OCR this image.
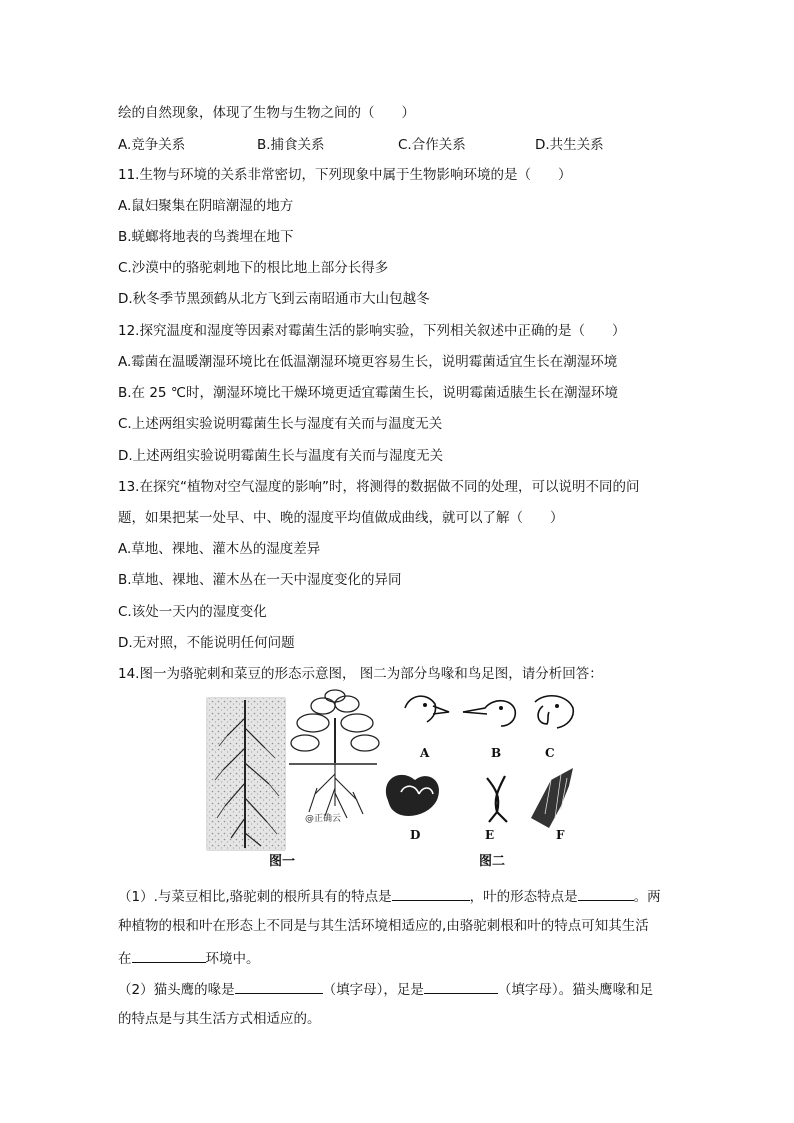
绘的自然现象，体现了生物与生物之间的（　　）
A.竞争关系	B.捕食关系	C.合作关系	D.共生关系
11.生物与环境的关系非常密切，下列现象中属于生物影响环境的是（　　）
A.鼠妇聚集在阴暗潮湿的地方
B.蜣螂将地表的鸟粪埋在地下
C.沙漠中的骆驼刺地下的根比地上部分长得多
D.秋冬季节黑颈鹤从北方飞到云南昭通市大山包越冬
12.探究温度和湿度等因素对霉菌生活的影响实验，下列相关叙述中正确的是（　　）
A.霉菌在温暖潮湿环境比在低温潮湿环境更容易生长，说明霉菌适宜生长在潮湿环境
B.在 25 ℃时，潮湿环境比干燥环境更适宜霉菌生长，说明霉菌适脿生长在潮湿环境
C.上述两组实验说明霉菌生长与湿度有关而与温度无关
D.上述两组实验说明霉菌生长与温度有关而与湿度无关
13.在探究“植物对空气湿度的影响”时，将测得的数据做不同的处理，可以说明不同的问
题，如果把某一处早、中、晚的湿度平均值做成曲线，就可以了解（　　）
A.草地、裸地、灌木丛的湿度差异
B.草地、裸地、灌木丛在一天中湿度变化的异同
C.该处一天内的湿度变化
D.无对照，不能说明任何问题
14.图一为骆驼刺和菜豆的形态示意图， 图二为部分鸟喙和鸟足图，请分析回答：
@正确云
A	B	C
D	E	F
图一	图二
（1）.与菜豆相比,骆驼刺的根所具有的特点是	，叶的形态特点是	。两
种植物的根和叶在形态上不同是与其生活环境相适应的,由骆驼刺根和叶的特点可知其生活
在	环境中。
（2）猫头鹰的喙是	（填字母），足是	（填字母）。猫头鹰喙和足
的特点是与其生活方式相适应的。
